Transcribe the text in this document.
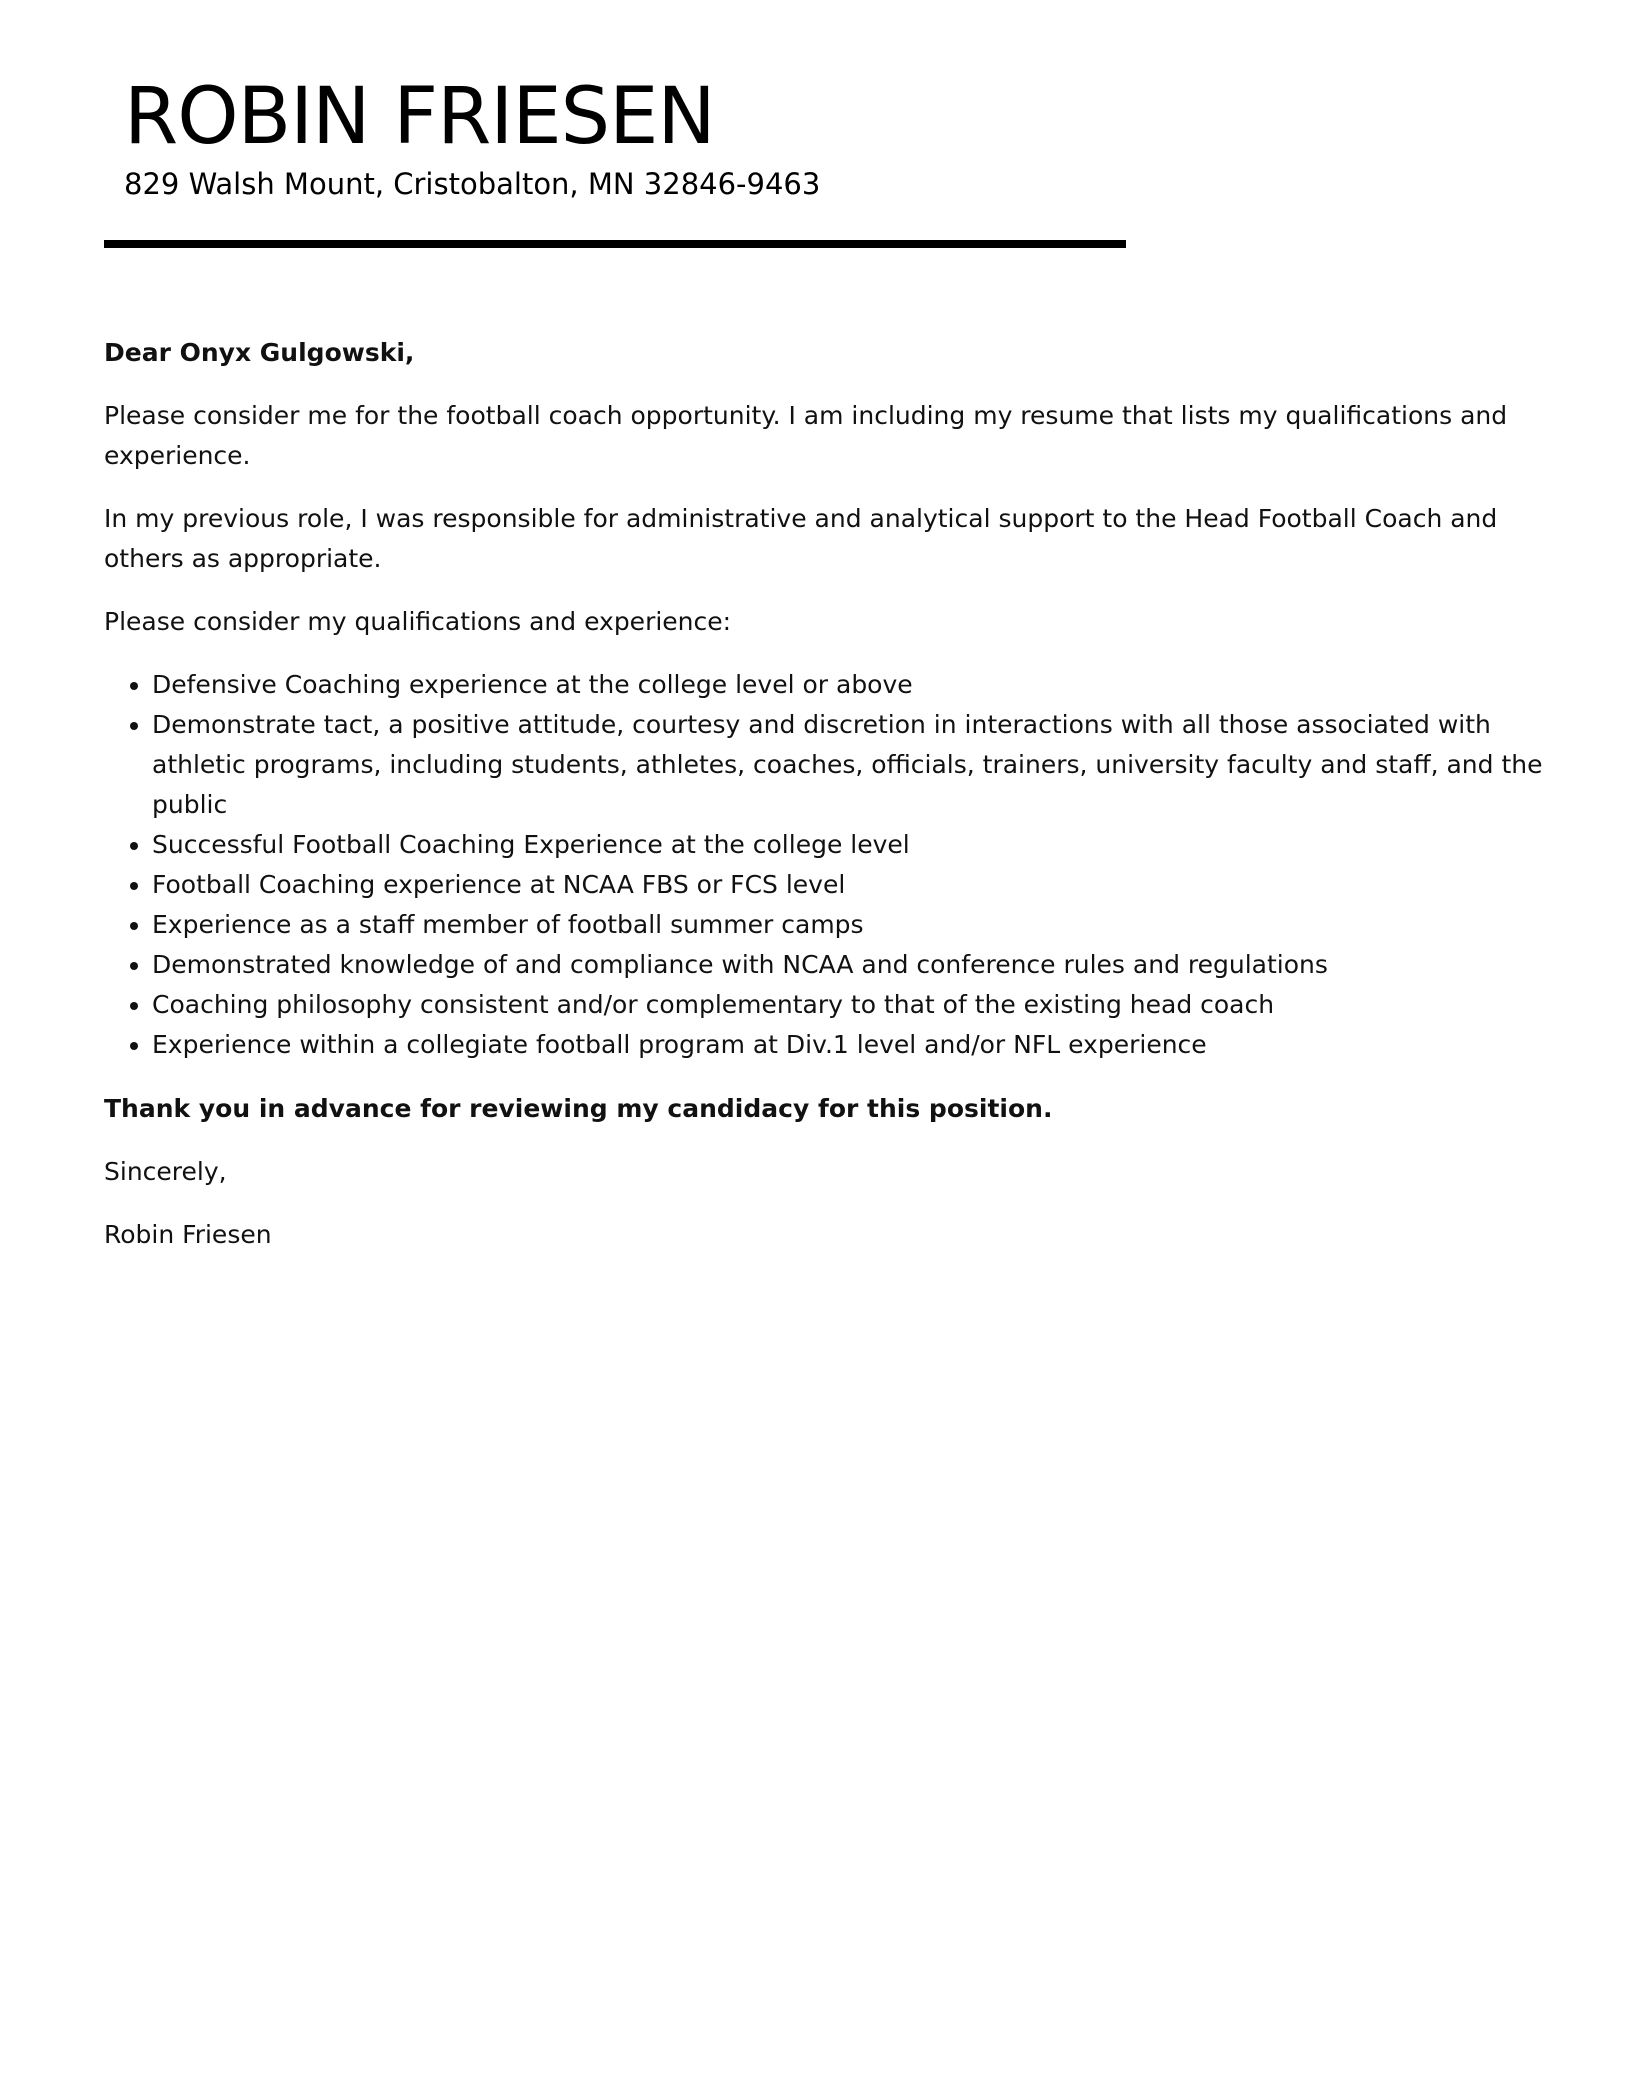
ROBIN FRIESEN
829 Walsh Mount, Cristobalton, MN 32846-9463

Dear Onyx Gulgowski,

Please consider me for the football coach opportunity. I am including my resume that lists my qualifications and experience.

In my previous role, I was responsible for administrative and analytical support to the Head Football Coach and others as appropriate.

Please consider my qualifications and experience:

• Defensive Coaching experience at the college level or above
• Demonstrate tact, a positive attitude, courtesy and discretion in interactions with all those associated with athletic programs, including students, athletes, coaches, officials, trainers, university faculty and staff, and the public
• Successful Football Coaching Experience at the college level
• Football Coaching experience at NCAA FBS or FCS level
• Experience as a staff member of football summer camps
• Demonstrated knowledge of and compliance with NCAA and conference rules and regulations
• Coaching philosophy consistent and/or complementary to that of the existing head coach
• Experience within a collegiate football program at Div.1 level and/or NFL experience

Thank you in advance for reviewing my candidacy for this position.

Sincerely,

Robin Friesen
